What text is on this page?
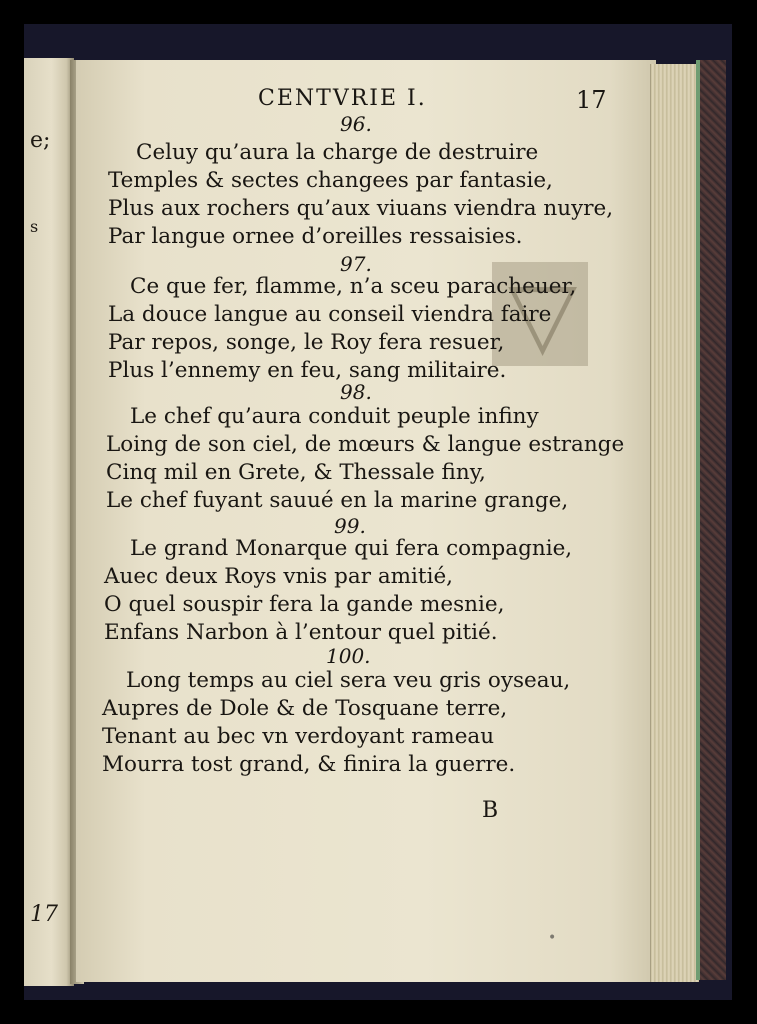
e;
s
17
▽
CENTVRIE I.	17
96.
Celuy qu’aura la charge de destruire
Temples & sectes changees par fantasie,
Plus aux rochers qu’aux viuans viendra nuyre,
Par langue ornee d’oreilles ressaisies.
97.
Ce que fer, flamme, n’a sceu paracheuer,
La douce langue au conseil viendra faire
Par repos, songe, le Roy fera resuer,
Plus l’ennemy en feu, sang militaire.
98.
Le chef qu’aura conduit peuple infiny
Loing de son ciel, de mœurs & langue estrange
Cinq mil en Grete, & Thessale finy,
Le chef fuyant sauué en la marine grange,
99.
Le grand Monarque qui fera compagnie,
Auec deux Roys vnis par amitié,
O quel souspir fera la gande mesnie,
Enfans Narbon à l’entour quel pitié.
100.
Long temps au ciel sera veu gris oyseau,
Aupres de Dole & de Tosquane terre,
Tenant au bec vn verdoyant rameau
Mourra tost grand, & finira la guerre.
B
•
